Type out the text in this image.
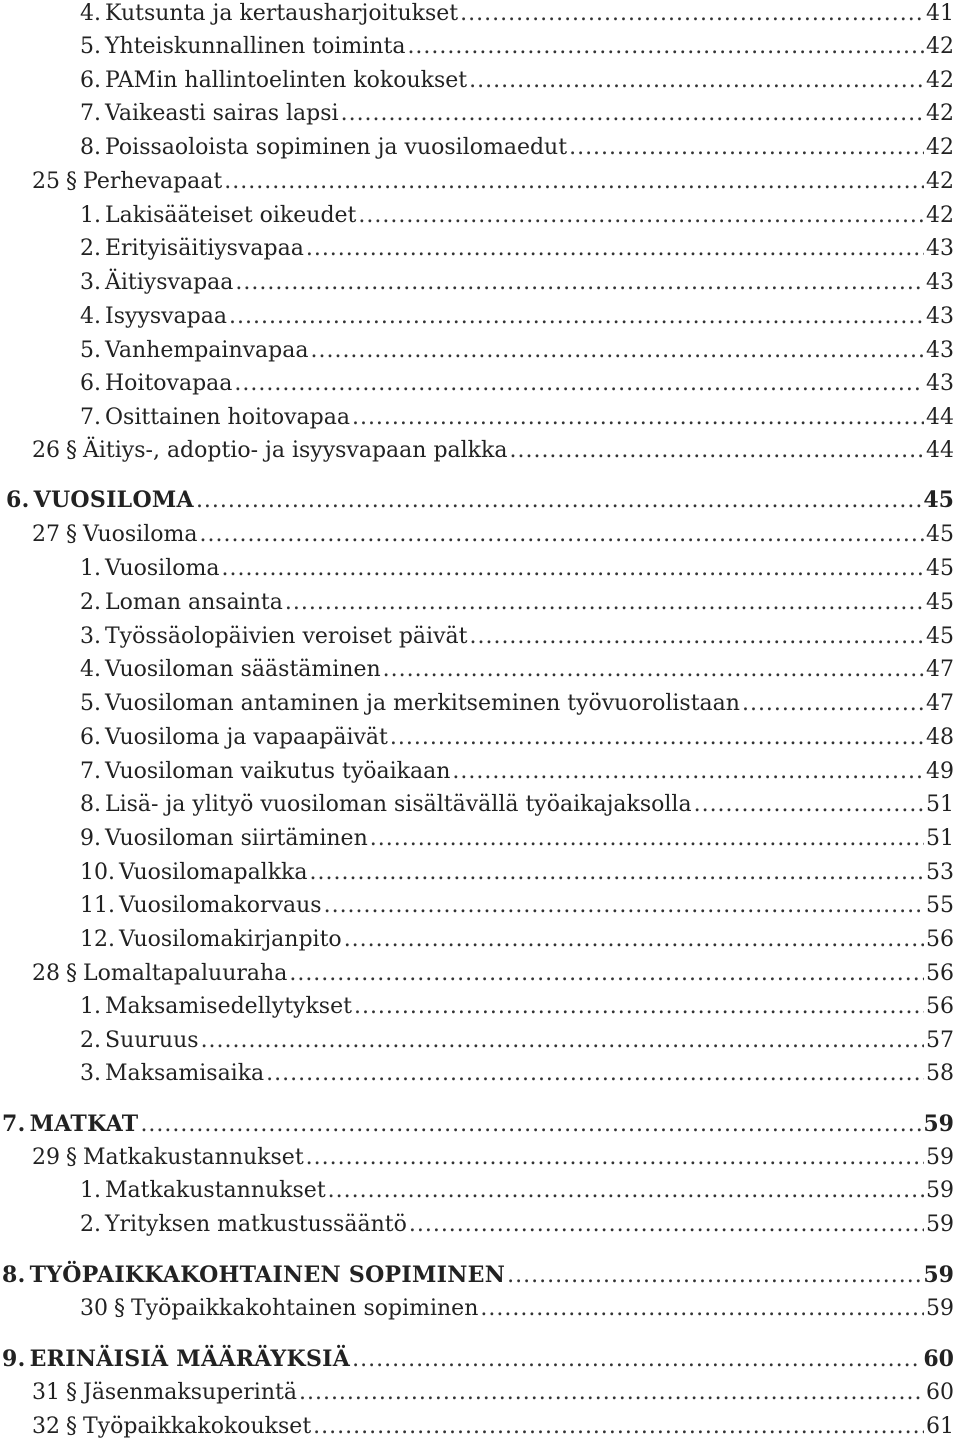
4. Kutsunta ja kertausharjoitukset .....	41
5. Yhteiskunnallinen toiminta .....	42
6. PAMin hallintoelinten kokoukset .....	42
7. Vaikeasti sairas lapsi .....	42
8. Poissaoloista sopiminen ja vuosilomaedut .....	42
25 § Perhevapaat .....	42
1. Lakisääteiset oikeudet .....	42
2. Erityisäitiysvapaa .....	43
3. Äitiysvapaa .....	43
4. Isyysvapaa .....	43
5. Vanhempainvapaa .....	43
6. Hoitovapaa .....	43
7. Osittainen hoitovapaa .....	44
26 § Äitiys-, adoptio- ja isyysvapaan palkka .....	44
6. VUOSILOMA .....	45
27 § Vuosiloma .....	45
1. Vuosiloma .....	45
2. Loman ansainta .....	45
3. Työssäolopäivien veroiset päivät .....	45
4. Vuosiloman säästäminen .....	47
5. Vuosiloman antaminen ja merkitseminen työvuorolistaan .....	47
6. Vuosiloma ja vapaapäivät .....	48
7. Vuosiloman vaikutus työaikaan .....	49
8. Lisä- ja ylityö vuosiloman sisältävällä työaikajaksolla .....	51
9. Vuosiloman siirtäminen .....	51
10. Vuosilomapalkka .....	53
11. Vuosilomakorvaus .....	55
12. Vuosilomakirjanpito .....	56
28 § Lomaltapaluuraha .....	56
1. Maksamisedellytykset .....	56
2. Suuruus .....	57
3. Maksamisaika .....	58
7. MATKAT .....	59
29 § Matkakustannukset .....	59
1. Matkakustannukset .....	59
2. Yrityksen matkustussääntö .....	59
8. TYÖPAIKKAKOHTAINEN SOPIMINEN .....	59
30 § Työpaikkakohtainen sopiminen .....	59
9. ERINÄISIÄ MÄÄRÄYKSIÄ .....	60
31 § Jäsenmaksuperintä .....	60
32 § Työpaikkakokoukset .....	61
